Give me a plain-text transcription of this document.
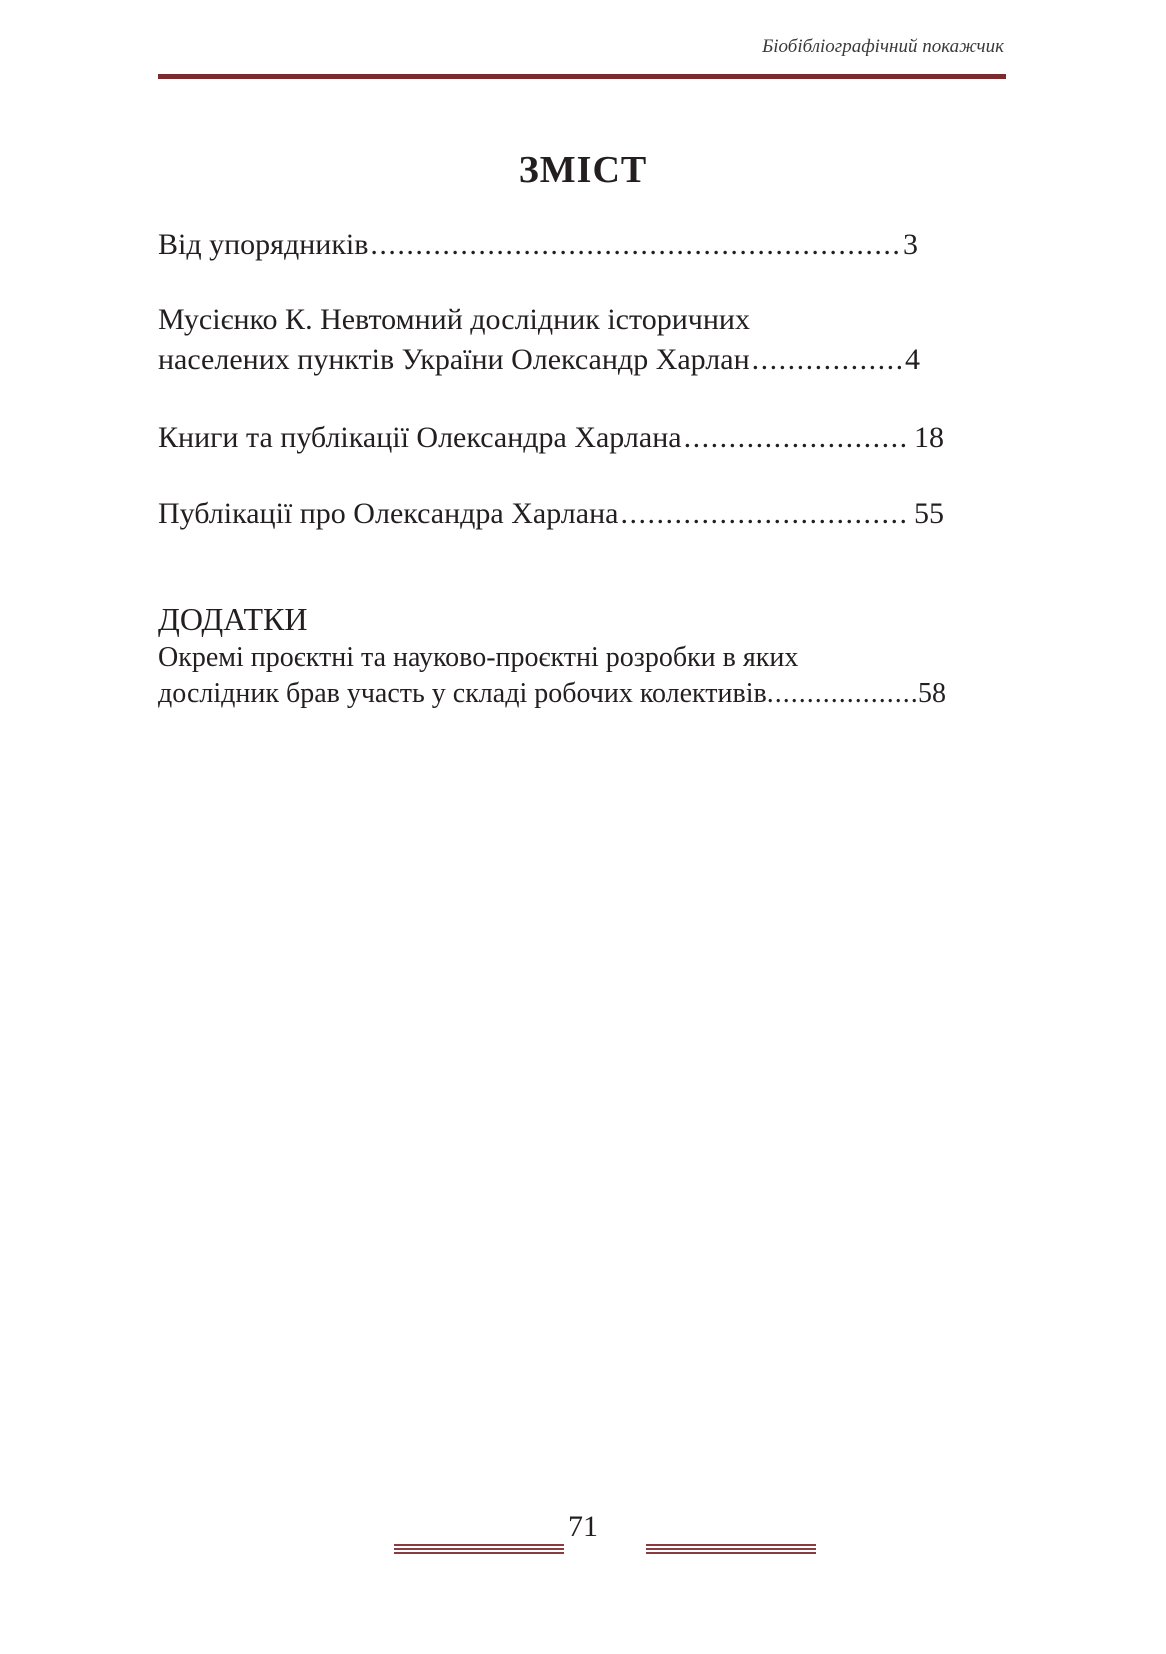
Біобібліографічний покажчик
ЗМІСТ
Від упорядників . . .	3
Мусієнко К. Невтомний дослідник історичних
населених пунктів України Олександр Харлан . . .	4
Книги та публікації Олександра Харлана . . .	18
Публікації про Олександра Харлана . . .	55
ДОДАТКИ
Окремі проєктні та науково-проєктні розробки в яких
дослідник брав участь у складі робочих колективів . . .	58
71
